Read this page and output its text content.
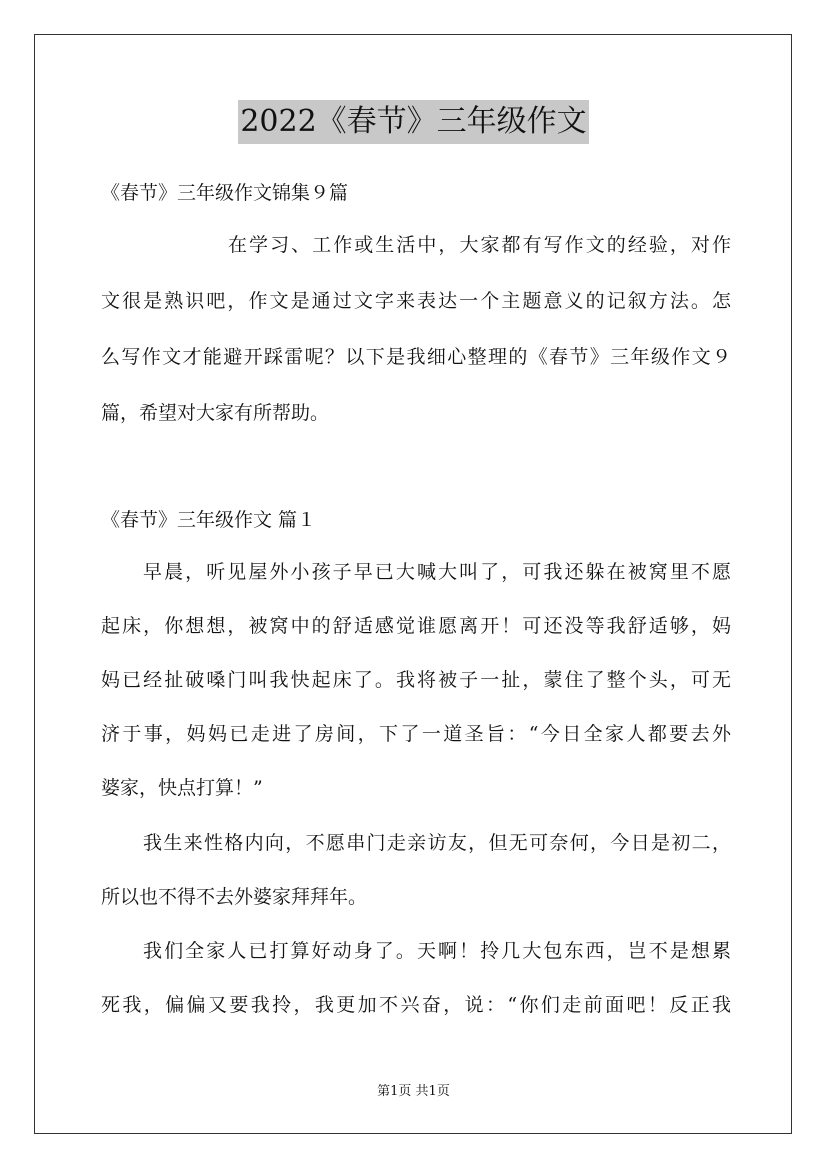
2022《春节》三年级作文
《春节》三年级作文锦集９篇
在学习、工作或生活中，大家都有写作文的经验，对作
文很是熟识吧，作文是通过文字来表达一个主题意义的记叙方法。怎
么写作文才能避开踩雷呢？以下是我细心整理的《春节》三年级作文９
篇，希望对大家有所帮助。
《春节》三年级作文 篇１
早晨，听见屋外小孩子早已大喊大叫了，可我还躲在被窝里不愿
起床，你想想，被窝中的舒适感觉谁愿离开！可还没等我舒适够，妈
妈已经扯破嗓门叫我快起床了。我将被子一扯，蒙住了整个头，可无
济于事，妈妈已走进了房间，下了一道圣旨：“今日全家人都要去外
婆家，快点打算！”
我生来性格内向，不愿串门走亲访友，但无可奈何，今日是初二，
所以也不得不去外婆家拜拜年。
我们全家人已打算好动身了。天啊！拎几大包东西，岂不是想累
死我，偏偏又要我拎，我更加不兴奋，说：“你们走前面吧！反正我
第1页 共1页
